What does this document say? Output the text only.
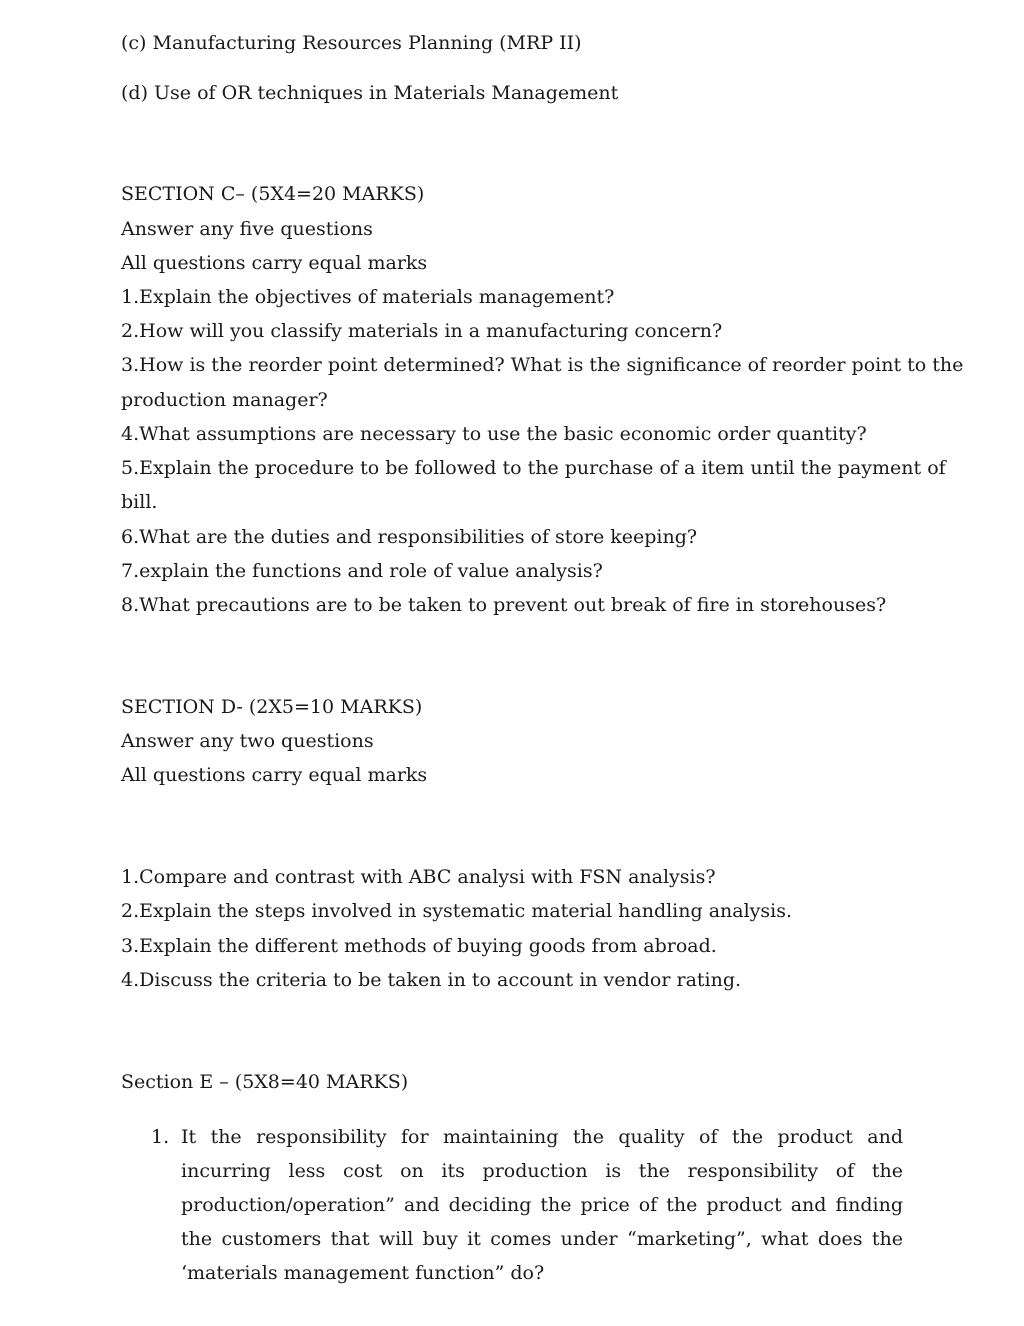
(c) Manufacturing Resources Planning (MRP II)
(d) Use of OR techniques in Materials Management
SECTION C– (5X4=20 MARKS)
Answer any five questions
All questions carry equal marks
1.Explain the objectives of materials management?
2.How will you classify materials in a manufacturing concern?
3.How is the reorder point determined? What is the significance of reorder point to the
production manager?
4.What assumptions are necessary to use the basic economic order quantity?
5.Explain the procedure to be followed to the purchase of a item until the payment of
bill.
6.What are the duties and responsibilities of store keeping?
7.explain the functions and role of value analysis?
8.What precautions are to be taken to prevent out break of fire in storehouses?
SECTION D- (2X5=10 MARKS)
Answer any two questions
All questions carry equal marks
1.Compare and contrast with ABC analysi with FSN analysis?
2.Explain the steps involved in systematic material handling analysis.
3.Explain the different methods of buying goods from abroad.
4.Discuss the criteria to be taken in to account in vendor rating.
Section E – (5X8=40 MARKS)
1. It the responsibility for maintaining the quality of the product and incurring less cost on its production is the responsibility of the production/operation” and deciding the price of the product and finding the customers that will buy it comes under “marketing”, what does the ‘materials management function” do?
